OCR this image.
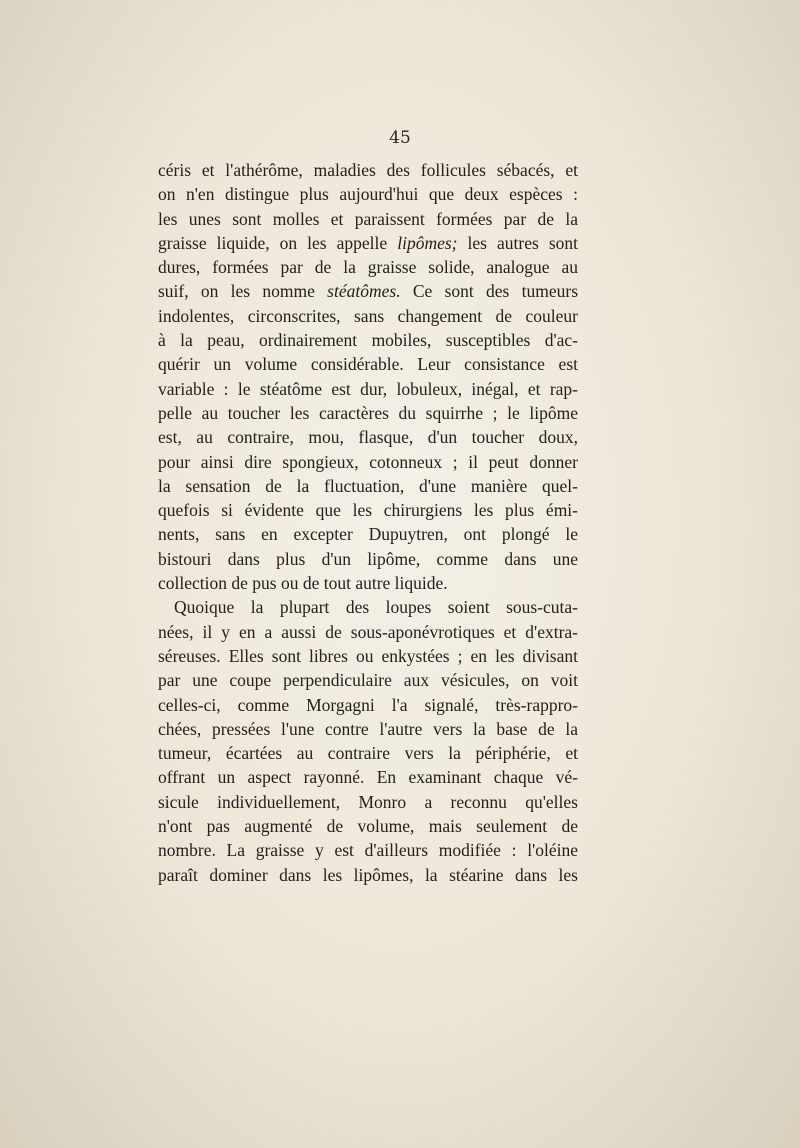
45
céris et l'athérôme, maladies des follicules sébacés, et
on n'en distingue plus aujourd'hui que deux espèces :
les unes sont molles et paraissent formées par de la
graisse liquide, on les appelle lipômes; les autres sont
dures, formées par de la graisse solide, analogue au
suif, on les nomme stéatômes. Ce sont des tumeurs
indolentes, circonscrites, sans changement de couleur
à la peau, ordinairement mobiles, susceptibles d'ac-
quérir un volume considérable. Leur consistance est
variable : le stéatôme est dur, lobuleux, inégal, et rap-
pelle au toucher les caractères du squirrhe ; le lipôme
est, au contraire, mou, flasque, d'un toucher doux,
pour ainsi dire spongieux, cotonneux ; il peut donner
la sensation de la fluctuation, d'une manière quel-
quefois si évidente que les chirurgiens les plus émi-
nents, sans en excepter Dupuytren, ont plongé le
bistouri dans plus d'un lipôme, comme dans une
collection de pus ou de tout autre liquide.
Quoique la plupart des loupes soient sous-cuta-
nées, il y en a aussi de sous-aponévrotiques et d'extra-
séreuses. Elles sont libres ou enkystées ; en les divisant
par une coupe perpendiculaire aux vésicules, on voit
celles-ci, comme Morgagni l'a signalé, très-rappro-
chées, pressées l'une contre l'autre vers la base de la
tumeur, écartées au contraire vers la périphérie, et
offrant un aspect rayonné. En examinant chaque vé-
sicule individuellement, Monro a reconnu qu'elles
n'ont pas augmenté de volume, mais seulement de
nombre. La graisse y est d'ailleurs modifiée : l'oléine
paraît dominer dans les lipômes, la stéarine dans les
